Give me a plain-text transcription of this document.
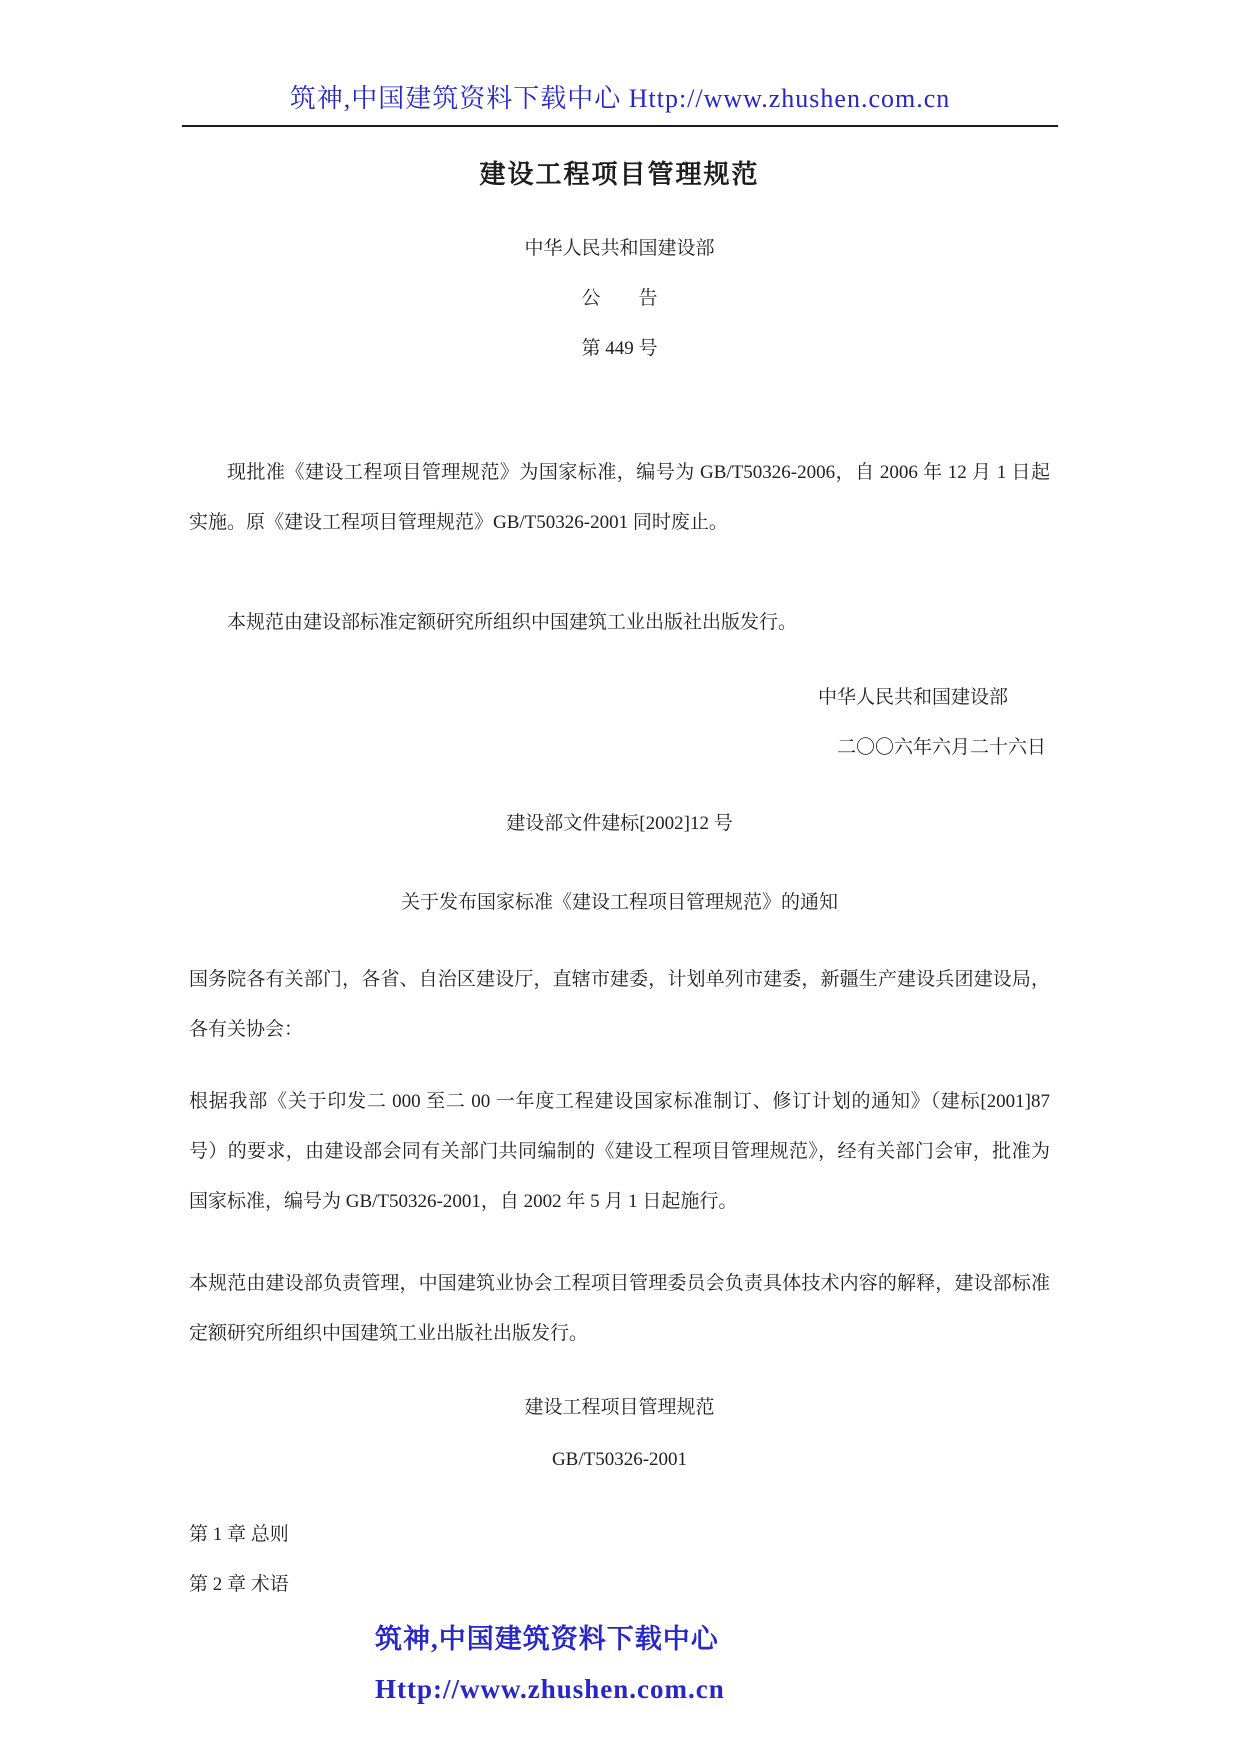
筑神,中国建筑资料下载中心 Http://www.zhushen.com.cn
建设工程项目管理规范
中华人民共和国建设部
公　　告
第 449 号
现批准《建设工程项目管理规范》为国家标准，编号为 GB/T50326-2006，自 2006 年 12 月 1 日起实施。原《建设工程项目管理规范》GB/T50326-2001 同时废止。
本规范由建设部标准定额研究所组织中国建筑工业出版社出版发行。
中华人民共和国建设部
二〇〇六年六月二十六日
建设部文件建标[2002]12 号
关于发布国家标准《建设工程项目管理规范》的通知
国务院各有关部门，各省、自治区建设厅，直辖市建委，计划单列市建委，新疆生产建设兵团建设局，各有关协会：
根据我部《关于印发二 000 至二 00 一年度工程建设国家标准制订、修订计划的通知》（建标[2001]87 号）的要求，由建设部会同有关部门共同编制的《建设工程项目管理规范》，经有关部门会审，批准为国家标准，编号为 GB/T50326-2001，自 2002 年 5 月 1 日起施行。
本规范由建设部负责管理，中国建筑业协会工程项目管理委员会负责具体技术内容的解释，建设部标准定额研究所组织中国建筑工业出版社出版发行。
建设工程项目管理规范
GB/T50326-2001
第 1 章 总则
第 2 章 术语
筑神,中国建筑资料下载中心 Http://www.zhushen.com.cn
